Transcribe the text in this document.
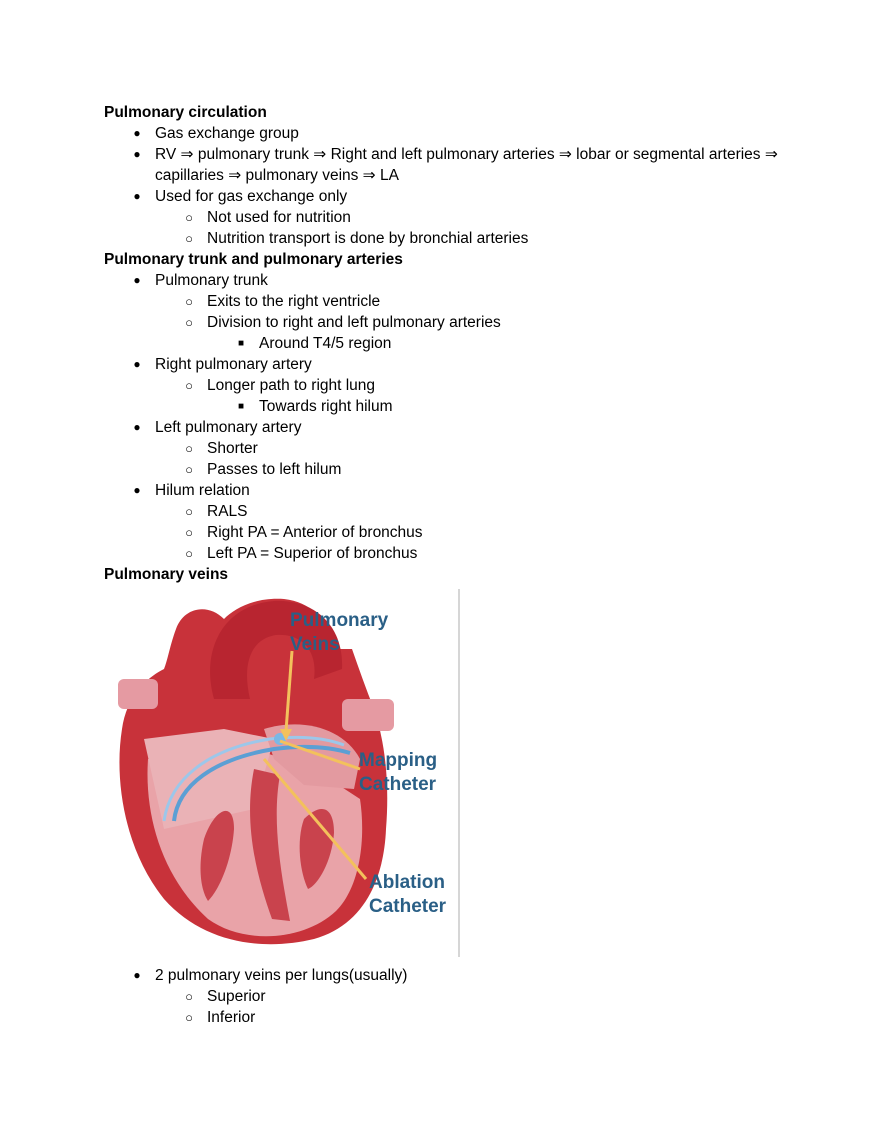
Pulmonary circulation
● Gas exchange group
● RV ⇒ pulmonary trunk ⇒ Right and left pulmonary arteries ⇒ lobar or segmental arteries ⇒ capillaries ⇒ pulmonary veins ⇒ LA
● Used for gas exchange only
○ Not used for nutrition
○ Nutrition transport is done by bronchial arteries
Pulmonary trunk and pulmonary arteries
● Pulmonary trunk
○ Exits to the right ventricle
○ Division to right and left pulmonary arteries
■ Around T4/5 region
● Right pulmonary artery
○ Longer path to right lung
■ Towards right hilum
● Left pulmonary artery
○ Shorter
○ Passes to left hilum
● Hilum relation
○ RALS
○ Right PA = Anterior of bronchus
○ Left PA = Superior of bronchus
Pulmonary veins
Pulmonary
Veins
Mapping
Catheter
Ablation
Catheter
● 2 pulmonary veins per lungs(usually)
○ Superior
○ Inferior
